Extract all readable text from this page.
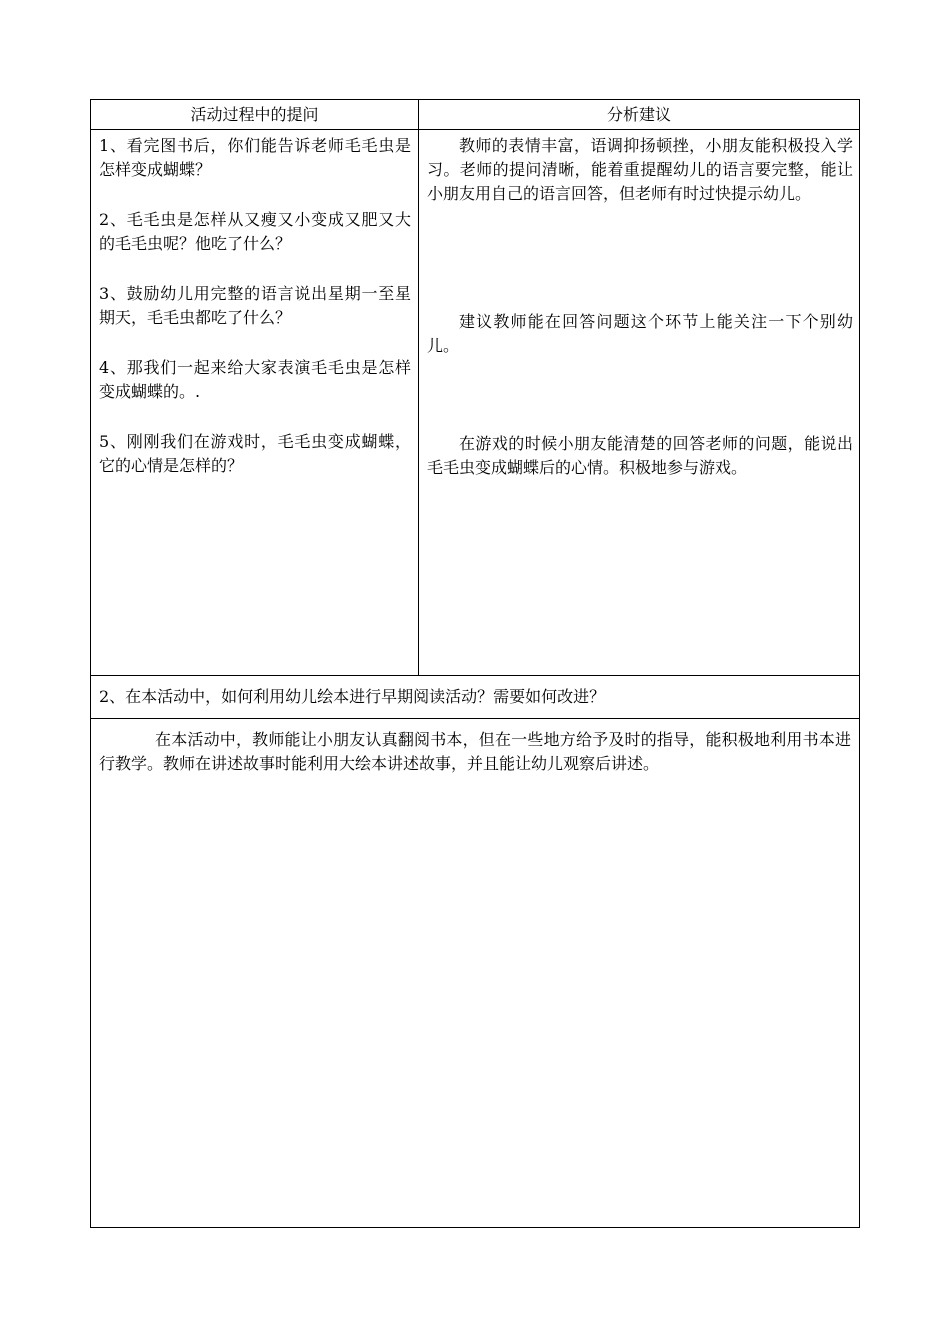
活动过程中的提问	分析建议

1、看完图书后，你们能告诉老师毛毛虫是怎样变成蝴蝶？

2、毛毛虫是怎样从又瘦又小变成又肥又大的毛毛虫呢？他吃了什么？

3、鼓励幼儿用完整的语言说出星期一至星期天，毛毛虫都吃了什么？

4、那我们一起来给大家表演毛毛虫是怎样变成蝴蝶的。.

5、刚刚我们在游戏时，毛毛虫变成蝴蝶，它的心情是怎样的？

教师的表情丰富，语调抑扬顿挫，小朋友能积极投入学习。老师的提问清晰，能着重提醒幼儿的语言要完整，能让小朋友用自己的语言回答，但老师有时过快提示幼儿。
建议教师能在回答问题这个环节上能关注一下个别幼儿。
在游戏的时候小朋友能清楚的回答老师的问题，能说出毛毛虫变成蝴蝶后的心情。积极地参与游戏。
2、在本活动中，如何利用幼儿绘本进行早期阅读活动？需要如何改进？
在本活动中，教师能让小朋友认真翻阅书本，但在一些地方给予及时的指导，能积极地利用书本进行教学。教师在讲述故事时能利用大绘本讲述故事，并且能让幼儿观察后讲述。
